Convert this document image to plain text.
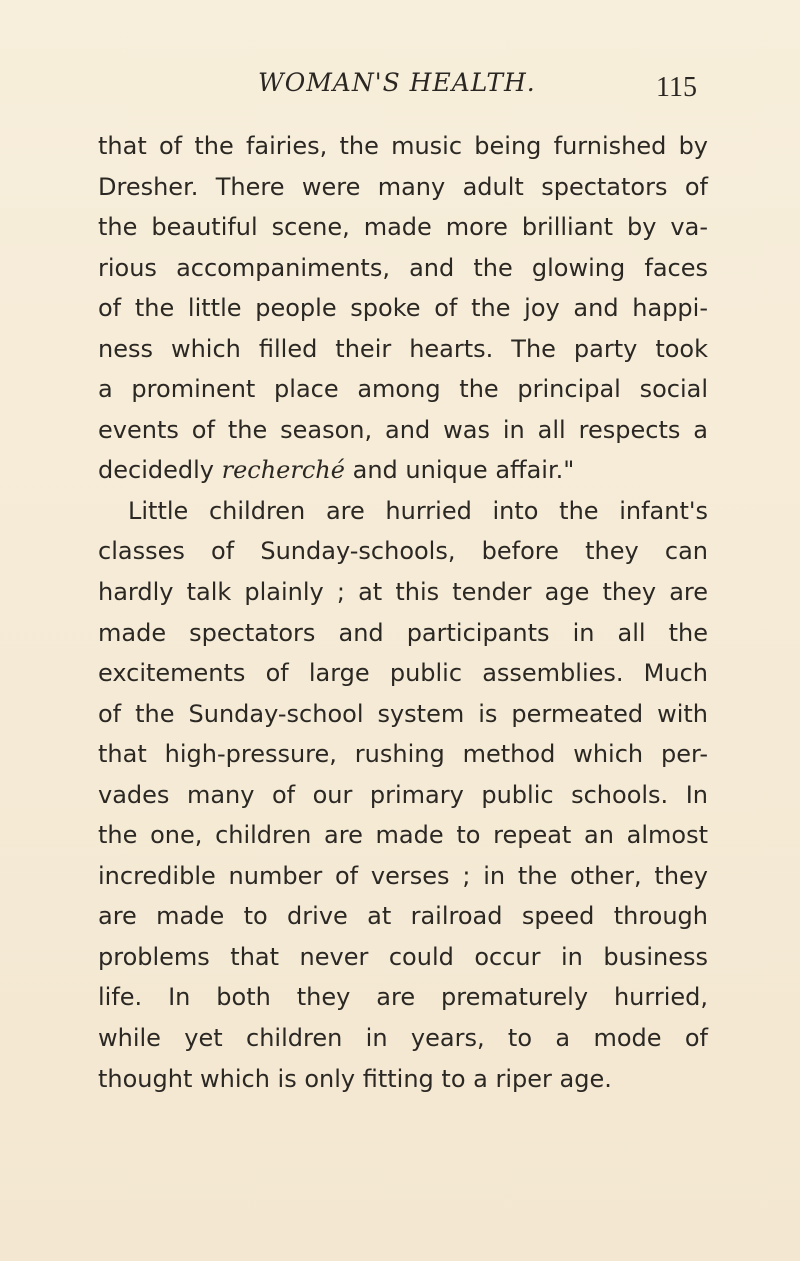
WOMAN'S HEALTH.	115
that of the fairies, the music being furnished by
Dresher. There were many adult spectators of
the beautiful scene, made more brilliant by va-
rious accompaniments, and the glowing faces
of the little people spoke of the joy and happi-
ness which filled their hearts. The party took
a prominent place among the principal social
events of the season, and was in all respects a
decidedly recherché and unique affair."
Little children are hurried into the infant's
classes of Sunday-schools, before they can
hardly talk plainly ; at this tender age they are
made spectators and participants in all the
excitements of large public assemblies. Much
of the Sunday-school system is permeated with
that high-pressure, rushing method which per-
vades many of our primary public schools. In
the one, children are made to repeat an almost
incredible number of verses ; in the other, they
are made to drive at railroad speed through
problems that never could occur in business
life. In both they are prematurely hurried,
while yet children in years, to a mode of
thought which is only fitting to a riper age.
